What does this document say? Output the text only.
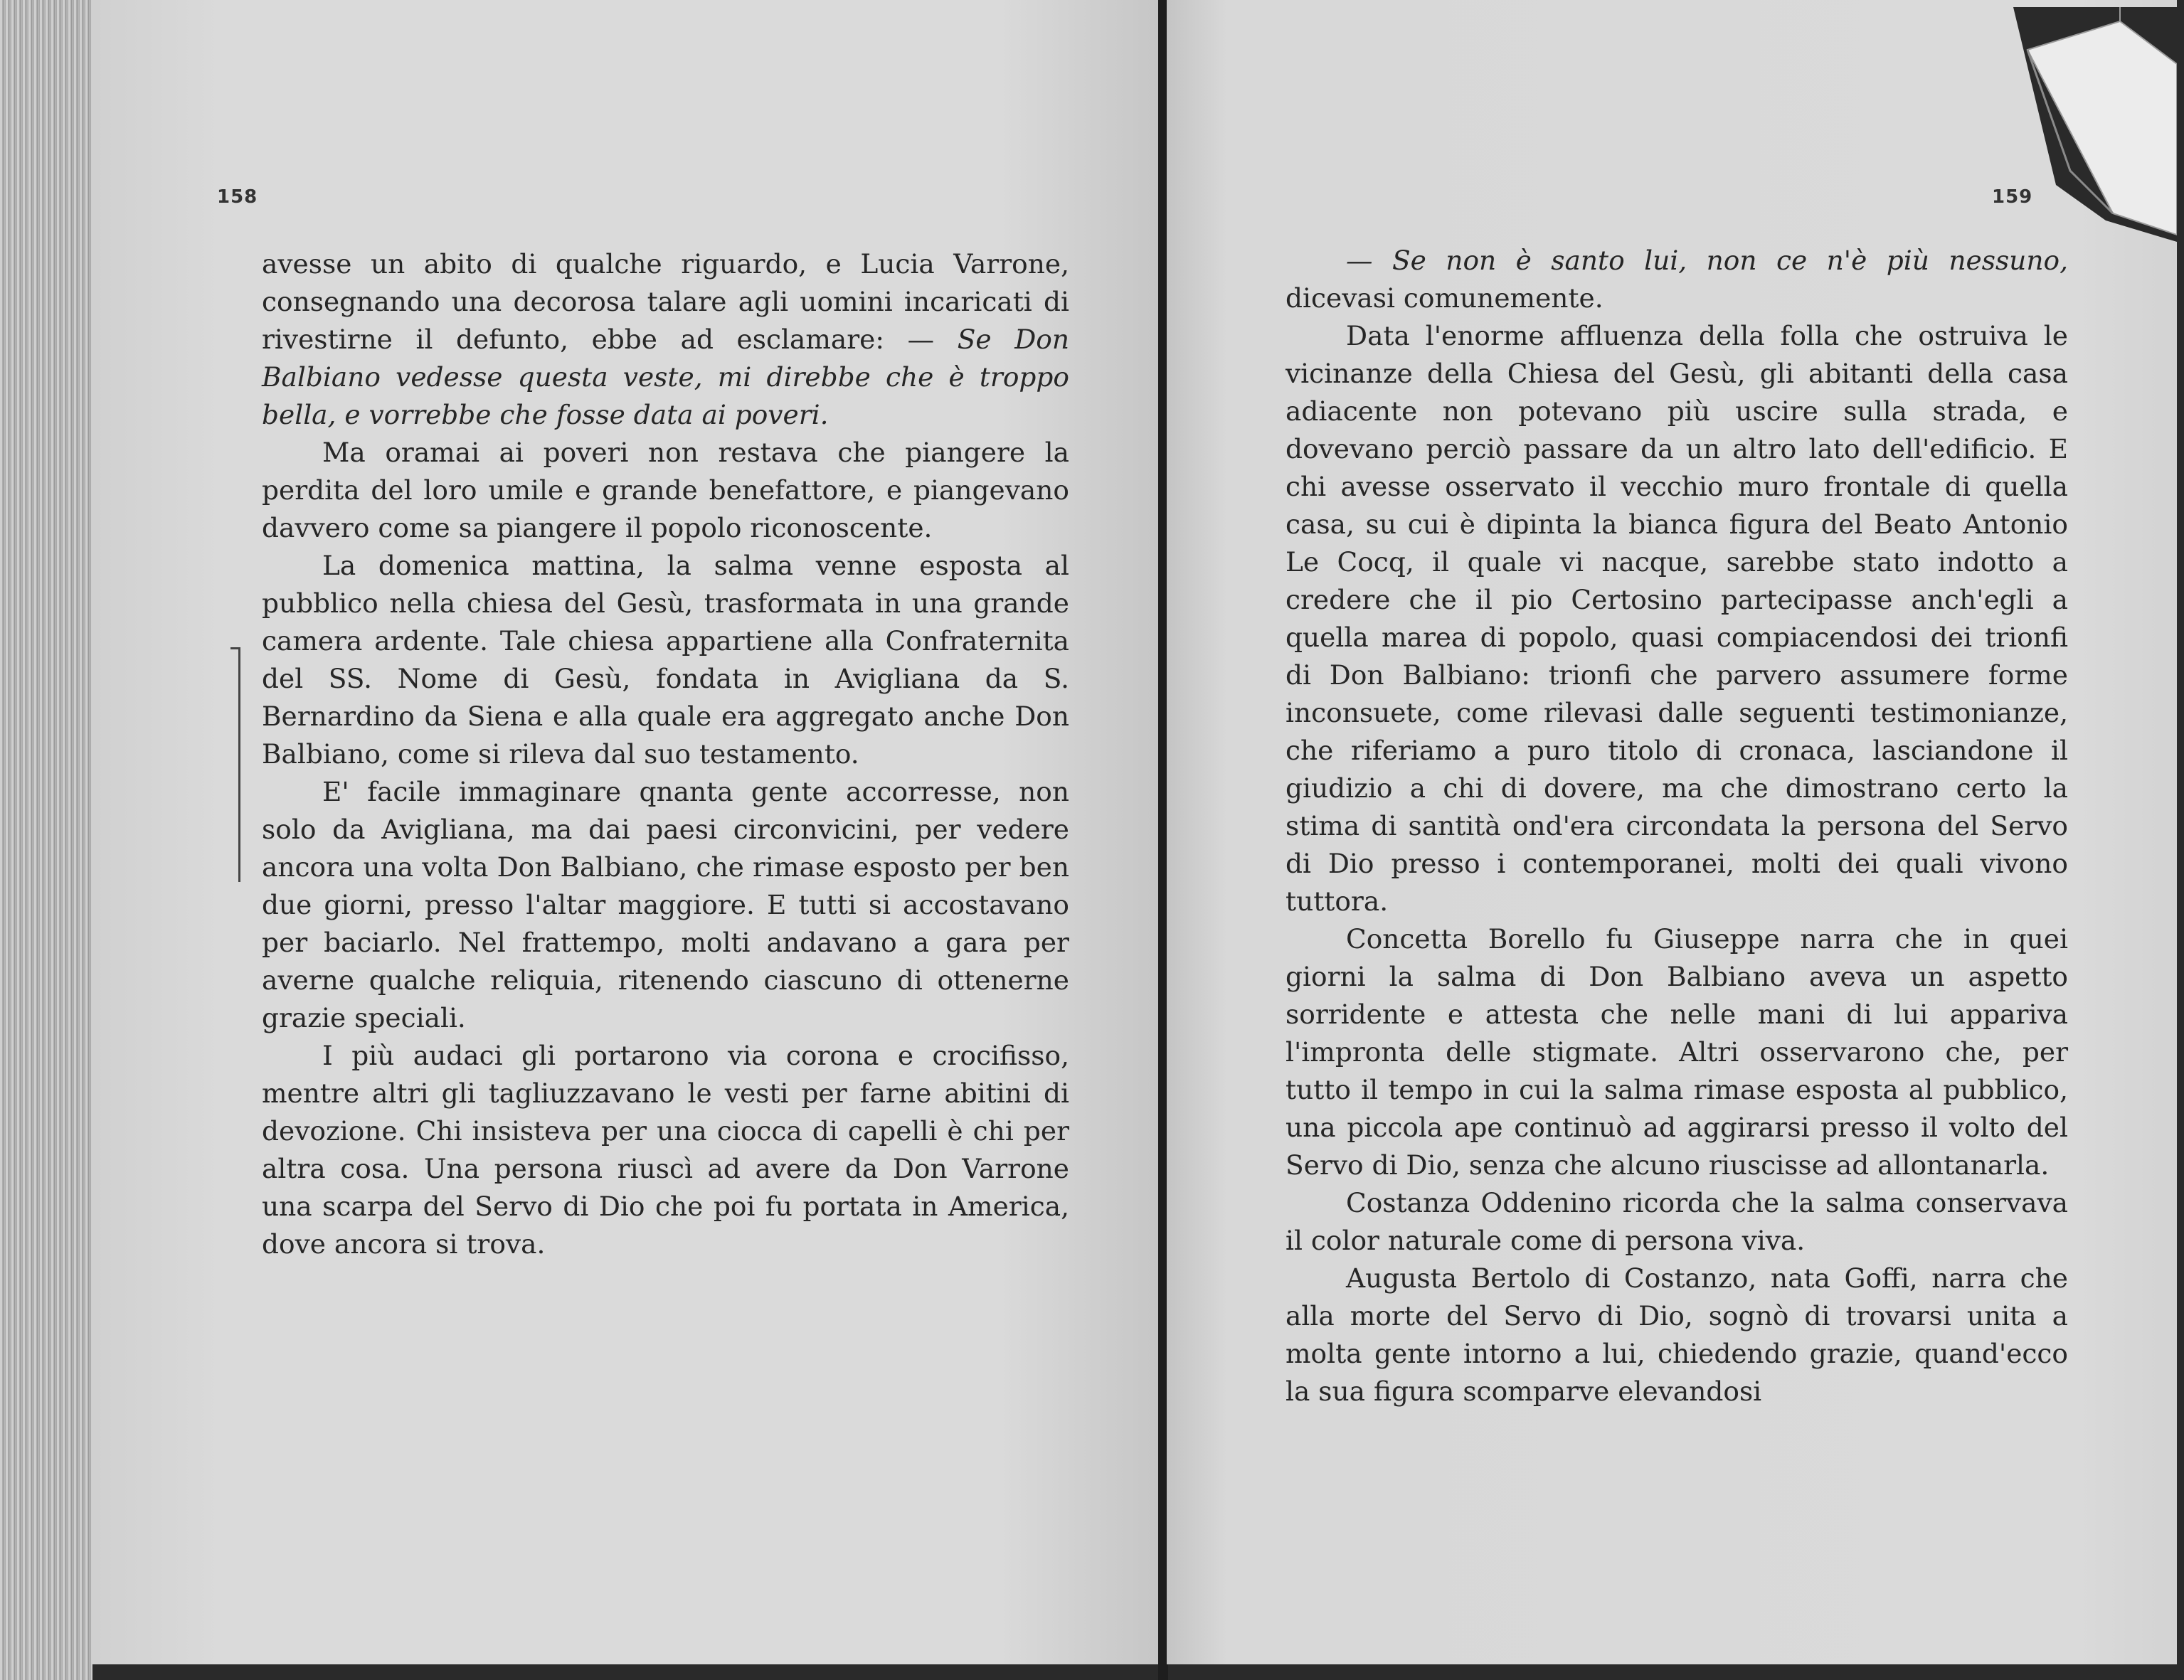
158	159

avesse un abito di qualche riguardo, e Lucia Varrone, consegnando una decorosa talare agli uomini incaricati di rivestirne il defunto, ebbe ad esclamare: — Se Don Balbiano vedesse questa veste, mi direbbe che è troppo bella, e vorrebbe che fosse data ai poveri.

Ma oramai ai poveri non restava che piangere la perdita del loro umile e grande benefattore, e piangevano davvero come sa piangere il popolo riconoscente.

La domenica mattina, la salma venne esposta al pubblico nella chiesa del Gesù, trasformata in una grande camera ardente. Tale chiesa appartiene alla Confraternita del SS. Nome di Gesù, fondata in Avigliana da S. Bernardino da Siena e alla quale era aggregato anche Don Balbiano, come si rileva dal suo testamento.

E' facile immaginare qnanta gente accorresse, non solo da Avigliana, ma dai paesi circonvicini, per vedere ancora una volta Don Balbiano, che rimase esposto per ben due giorni, presso l'altar maggiore. E tutti si accostavano per baciarlo. Nel frattempo, molti andavano a gara per averne qualche reliquia, ritenendo ciascuno di ottenerne grazie speciali.

I più audaci gli portarono via corona e crocifisso, mentre altri gli tagliuzzavano le vesti per farne abitini di devozione. Chi insisteva per una ciocca di capelli è chi per altra cosa. Una persona riuscì ad avere da Don Varrone una scarpa del Servo di Dio che poi fu portata in America, dove ancora si trova.

— Se non è santo lui, non ce n'è più nessuno, dicevasi comunemente.

Data l'enorme affluenza della folla che ostruiva le vicinanze della Chiesa del Gesù, gli abitanti della casa adiacente non potevano più uscire sulla strada, e dovevano perciò passare da un altro lato dell'edificio. E chi avesse osservato il vecchio muro frontale di quella casa, su cui è dipinta la bianca figura del Beato Antonio Le Cocq, il quale vi nacque, sarebbe stato indotto a credere che il pio Certosino partecipasse anch'egli a quella marea di popolo, quasi compiacendosi dei trionfi di Don Balbiano: trionfi che parvero assumere forme inconsuete, come rilevasi dalle seguenti testimonianze, che riferiamo a puro titolo di cronaca, lasciandone il giudizio a chi di dovere, ma che dimostrano certo la stima di santità ond'era circondata la persona del Servo di Dio presso i contemporanei, molti dei quali vivono tuttora.

Concetta Borello fu Giuseppe narra che in quei giorni la salma di Don Balbiano aveva un aspetto sorridente e attesta che nelle mani di lui appariva l'impronta delle stigmate. Altri osservarono che, per tutto il tempo in cui la salma rimase esposta al pubblico, una piccola ape continuò ad aggirarsi presso il volto del Servo di Dio, senza che alcuno riuscisse ad allontanarla.

Costanza Oddenino ricorda che la salma conservava il color naturale come di persona viva.

Augusta Bertolo di Costanzo, nata Goffi, narra che alla morte del Servo di Dio, sognò di trovarsi unita a molta gente intorno a lui, chiedendo grazie, quand'ecco la sua figura scomparve elevandosi
